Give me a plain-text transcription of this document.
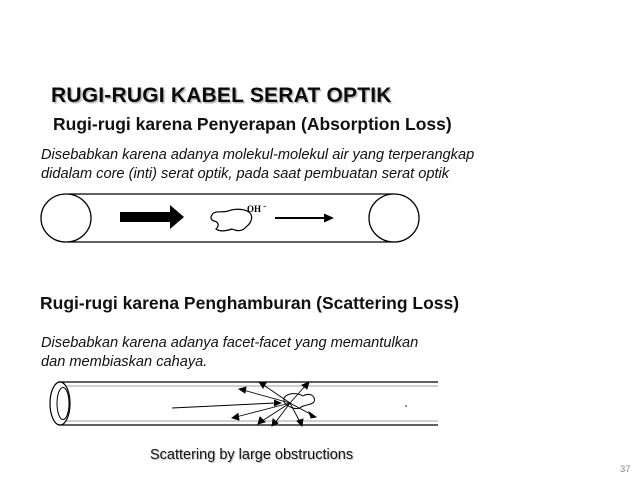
RUGI-RUGI KABEL SERAT OPTIK
Rugi-rugi karena Penyerapan (Absorption Loss)
Disebabkan karena adanya molekul-molekul air yang terperangkap
didalam core (inti) serat optik, pada saat pembuatan serat optik
OH ˉ
Rugi-rugi karena Penghamburan (Scattering Loss)
Disebabkan karena adanya facet-facet yang memantulkan
dan membiaskan cahaya.
Scattering by large obstructions
37
